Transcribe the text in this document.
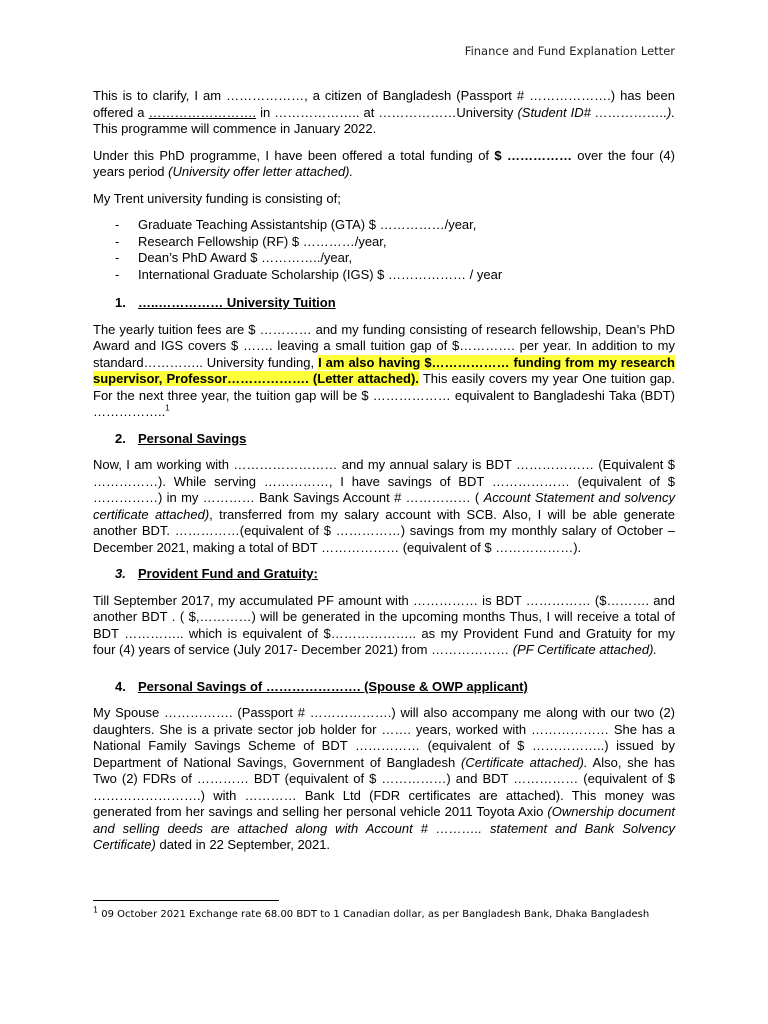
Finance and Fund Explanation Letter

This is to clarify, I am ………………, a citizen of Bangladesh (Passport # ……………….) has been offered a ……………………. in ……………….. at ………………University (Student ID# ……………..). This programme will commence in January 2022.

Under this PhD programme, I have been offered a total funding of $ …………… over the four (4) years period (University offer letter attached).

My Trent university funding is consisting of;

- Graduate Teaching Assistantship (GTA) $ ……………/year,
- Research Fellowship (RF) $ …………/year,
- Dean’s PhD Award $ …………../year,
- International Graduate Scholarship (IGS) $ ……………… / year
1. …..…………… University Tuition

The yearly tuition fees are $ ………… and my funding consisting of research fellowship, Dean’s PhD Award and IGS covers $ ……. leaving a small tuition gap of $…………. per year. In addition to my standard………….. University funding, I am also having $……………… funding from my research supervisor, Professor………………. (Letter attached). This easily covers my year One tuition gap. For the next three year, the tuition gap will be $ ……………… equivalent to Bangladeshi Taka (BDT) ……………..$^1$

2. Personal Savings

Now, I am working with …………………… and my annual salary is BDT ……………… (Equivalent $ ……………). While serving ……………, I have savings of BDT ……………… (equivalent of $ ……………) in my ………… Bank Savings Account # …………… ( Account Statement and solvency certificate attached), transferred from my salary account with SCB. Also, I will be able generate another BDT. ……………(equivalent of $ ……………) savings from my monthly salary of October – December 2021, making a total of BDT ……………… (equivalent of $ ………………).

3. Provident Fund and Gratuity:

Till September 2017, my accumulated PF amount with …………… is BDT …………… ($………. and another BDT . ( $,…………) will be generated in the upcoming months Thus, I will receive a total of BDT ………….. which is equivalent of $……………….. as my Provident Fund and Gratuity for my four (4) years of service (July 2017- December 2021) from ……………… (PF Certificate attached).

4. Personal Savings of …………………. (Spouse & OWP applicant)

My Spouse ……………. (Passport # ……………….) will also accompany me along with our two (2) daughters. She is a private sector job holder for ……. years, worked with ……………… She has a National Family Savings Scheme of BDT …………… (equivalent of $ ……………..) issued by Department of National Savings, Government of Bangladesh (Certificate attached). Also, she has Two (2) FDRs of ………… BDT (equivalent of $ ……………) and BDT …………… (equivalent of $ …………………….) with ………… Bank Ltd (FDR certificates are attached). This money was generated from her savings and selling her personal vehicle 2011 Toyota Axio (Ownership document and selling deeds are attached along with Account # ……….. statement and Bank Solvency Certificate) dated in 22 September, 2021.

$^1$ 09 October 2021 Exchange rate 68.00 BDT to 1 Canadian dollar, as per Bangladesh Bank, Dhaka Bangladesh
